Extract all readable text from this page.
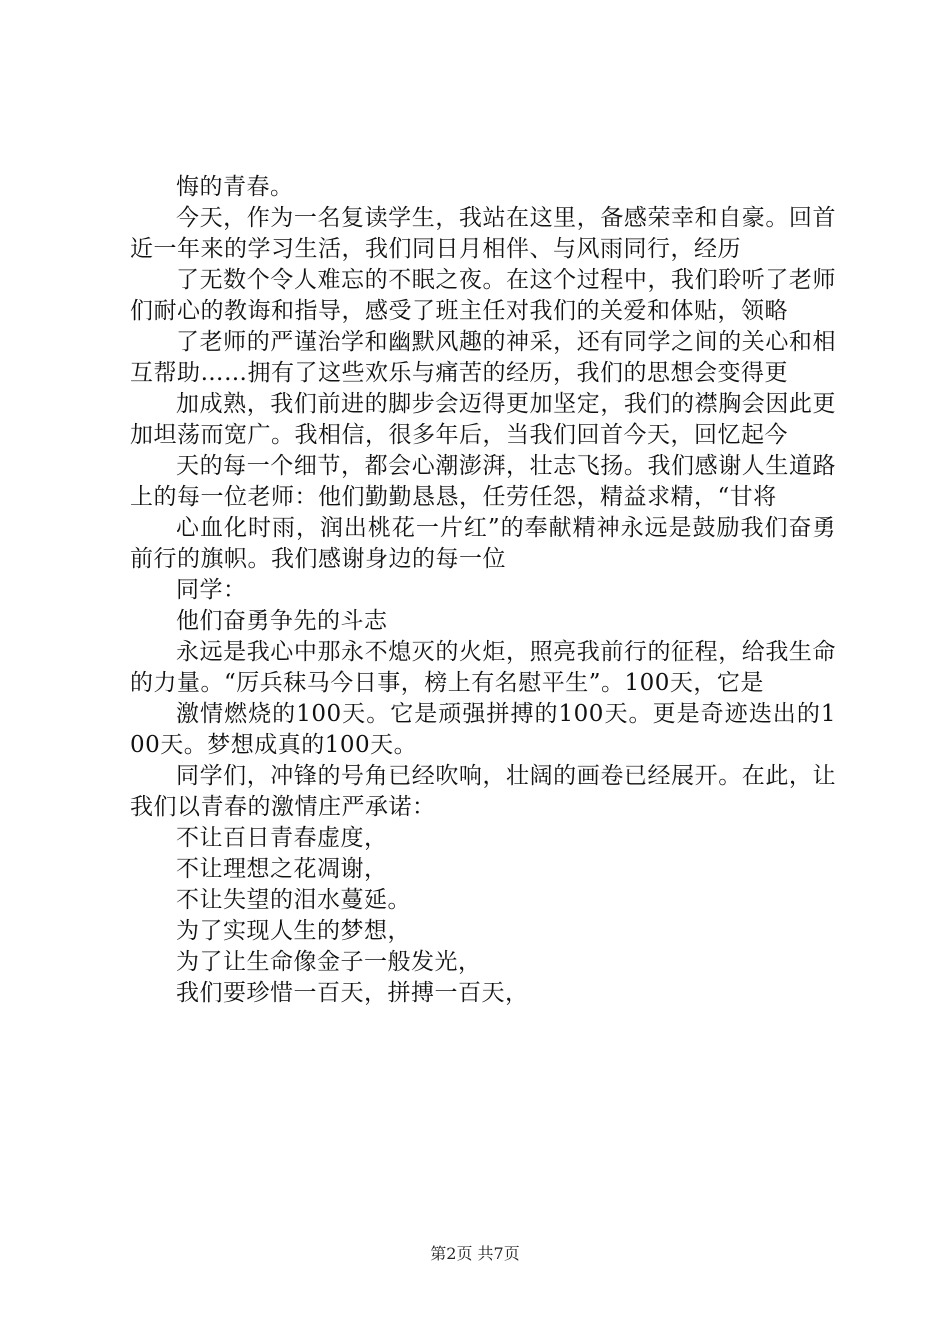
悔的青春。

今天，作为一名复读学生，我站在这里，备感荣幸和自豪。回首近一年来的学习生活，我们同日月相伴、与风雨同行，经历

了无数个令人难忘的不眠之夜。在这个过程中，我们聆听了老师们耐心的教诲和指导，感受了班主任对我们的关爱和体贴，领略

了老师的严谨治学和幽默风趣的神采，还有同学之间的关心和相互帮助……拥有了这些欢乐与痛苦的经历，我们的思想会变得更

加成熟，我们前进的脚步会迈得更加坚定，我们的襟胸会因此更加坦荡而宽广。我相信，很多年后，当我们回首今天，回忆起今

天的每一个细节，都会心潮澎湃，壮志飞扬。我们感谢人生道路上的每一位老师：他们勤勤恳恳，任劳任怨，精益求精，“甘将

心血化时雨，润出桃花一片红”的奉献精神永远是鼓励我们奋勇前行的旗帜。我们感谢身边的每一位

同学：

他们奋勇争先的斗志

永远是我心中那永不熄灭的火炬，照亮我前行的征程，给我生命的力量。“厉兵秣马今日事，榜上有名慰平生”。100天，它是

激情燃烧的100天。它是顽强拼搏的100天。更是奇迹迭出的100天。梦想成真的100天。

同学们，冲锋的号角已经吹响，壮阔的画卷已经展开。在此，让我们以青春的激情庄严承诺：

不让百日青春虚度，

不让理想之花凋谢，

不让失望的泪水蔓延。

为了实现人生的梦想，

为了让生命像金子一般发光，

我们要珍惜一百天，拼搏一百天，

第2页 共7页
